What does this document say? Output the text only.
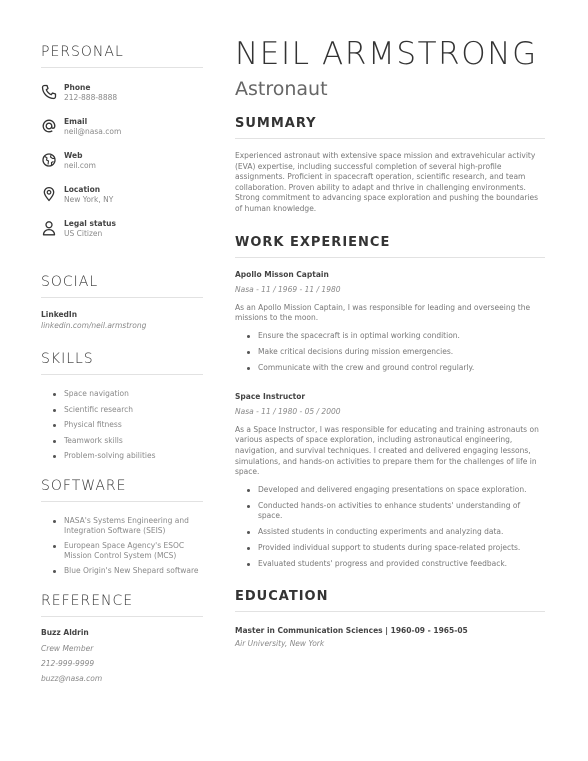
PERSONAL
Phone
212-888-8888
Email
neil@nasa.com
Web
neil.com
Location
New York, NY
Legal status
US Citizen
SOCIAL
LinkedIn
linkedin.com/neil.armstrong
SKILLS
Space navigation
Scientific research
Physical fitness
Teamwork skills
Problem-solving abilities
SOFTWARE
NASA's Systems Engineering and Integration Software (SEIS)
European Space Agency's ESOC Mission Control System (MCS)
Blue Origin's New Shepard software
REFERENCE
Buzz Aldrin
Crew Member
212-999-9999
buzz@nasa.com
NEIL ARMSTRONG
Astronaut
SUMMARY
Experienced astronaut with extensive space mission and extravehicular activity (EVA) expertise, including successful completion of several high-profile assignments. Proficient in spacecraft operation, scientific research, and team collaboration. Proven ability to adapt and thrive in challenging environments. Strong commitment to advancing space exploration and pushing the boundaries of human knowledge.
WORK EXPERIENCE
Apollo Misson Captain
Nasa - 11 / 1969 - 11 / 1980
As an Apollo Mission Captain, I was responsible for leading and overseeing the missions to the moon.
Ensure the spacecraft is in optimal working condition.
Make critical decisions during mission emergencies.
Communicate with the crew and ground control regularly.
Space Instructor
Nasa - 11 / 1980 - 05 / 2000
As a Space Instructor, I was responsible for educating and training astronauts on various aspects of space exploration, including astronautical engineering, navigation, and survival techniques. I created and delivered engaging lessons, simulations, and hands-on activities to prepare them for the challenges of life in space.
Developed and delivered engaging presentations on space exploration.
Conducted hands-on activities to enhance students' understanding of space.
Assisted students in conducting experiments and analyzing data.
Provided individual support to students during space-related projects.
Evaluated students' progress and provided constructive feedback.
EDUCATION
Master in Communication Sciences | 1960-09 - 1965-05
Air University, New York
